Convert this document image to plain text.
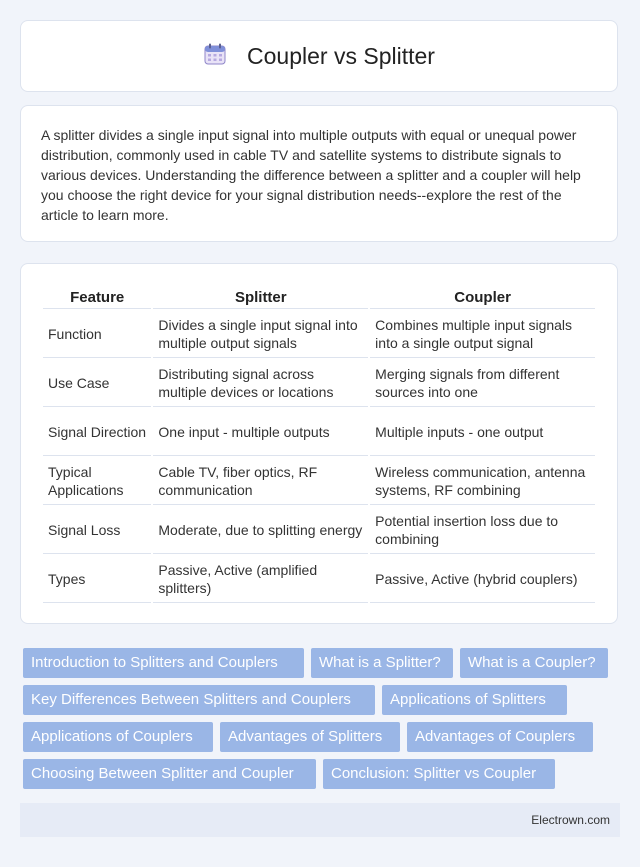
Coupler vs Splitter

A splitter divides a single input signal into multiple outputs with equal or unequal power distribution, commonly used in cable TV and satellite systems to distribute signals to various devices. Understanding the difference between a splitter and a coupler will help you choose the right device for your signal distribution needs--explore the rest of the article to learn more.

Feature	Splitter	Coupler
Function	Divides a single input signal into multiple output signals	Combines multiple input signals into a single output signal
Use Case	Distributing signal across multiple devices or locations	Merging signals from different sources into one
Signal Direction	One input - multiple outputs	Multiple inputs - one output
Typical Applications	Cable TV, fiber optics, RF communication	Wireless communication, antenna systems, RF combining
Signal Loss	Moderate, due to splitting energy	Potential insertion loss due to combining
Types	Passive, Active (amplified splitters)	Passive, Active (hybrid couplers)
Introduction to Splitters and Couplers	What is a Splitter?	What is a Coupler?
Key Differences Between Splitters and Couplers	Applications of Splitters
Applications of Couplers	Advantages of Splitters	Advantages of Couplers
Choosing Between Splitter and Coupler	Conclusion: Splitter vs Coupler
Electrown.com
